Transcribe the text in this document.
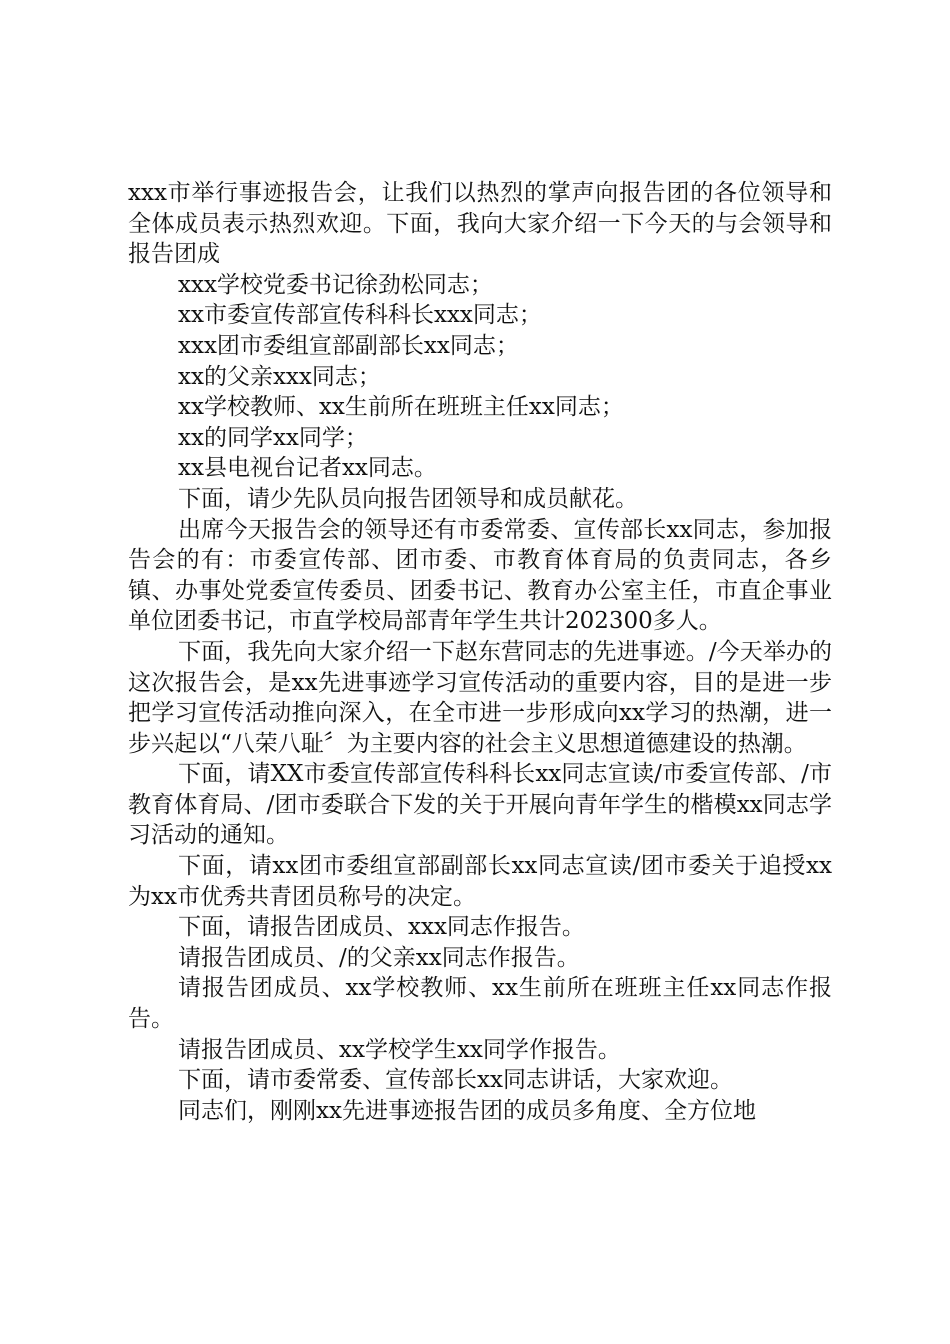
xxx市举行事迹报告会，让我们以热烈的掌声向报告团的各位领导和全体成员表示热烈欢迎。下面，我向大家介绍一下今天的与会领导和报告团成

xxx学校党委书记徐劲松同志；

xx市委宣传部宣传科科长xxx同志；

xxx团市委组宣部副部长xx同志；

xx的父亲xxx同志；

xx学校教师、xx生前所在班班主任xx同志；

xx的同学xx同学；

xx县电视台记者xx同志。

下面，请少先队员向报告团领导和成员献花。

出席今天报告会的领导还有市委常委、宣传部长xx同志，参加报告会的有：市委宣传部、团市委、市教育体育局的负责同志，各乡镇、办事处党委宣传委员、团委书记、教育办公室主任，市直企事业单位团委书记，市直学校局部青年学生共计202300多人。

下面，我先向大家介绍一下赵东营同志的先进事迹。/今天举办的这次报告会，是xx先进事迹学习宣传活动的重要内容，目的是进一步把学习宣传活动推向深入，在全市进一步形成向xx学习的热潮，进一步兴起以“八荣八耻〞为主要内容的社会主义思想道德建设的热潮。

下面，请XX市委宣传部宣传科科长xx同志宣读/市委宣传部、/市教育体育局、/团市委联合下发的关于开展向青年学生的楷模xx同志学习活动的通知。

下面，请xx团市委组宣部副部长xx同志宣读/团市委关于追授xx为xx市优秀共青团员称号的决定。

下面，请报告团成员、xxx同志作报告。

请报告团成员、/的父亲xx同志作报告。

请报告团成员、xx学校教师、xx生前所在班班主任xx同志作报告。

请报告团成员、xx学校学生xx同学作报告。

下面，请市委常委、宣传部长xx同志讲话，大家欢迎。

同志们，刚刚xx先进事迹报告团的成员多角度、全方位地
